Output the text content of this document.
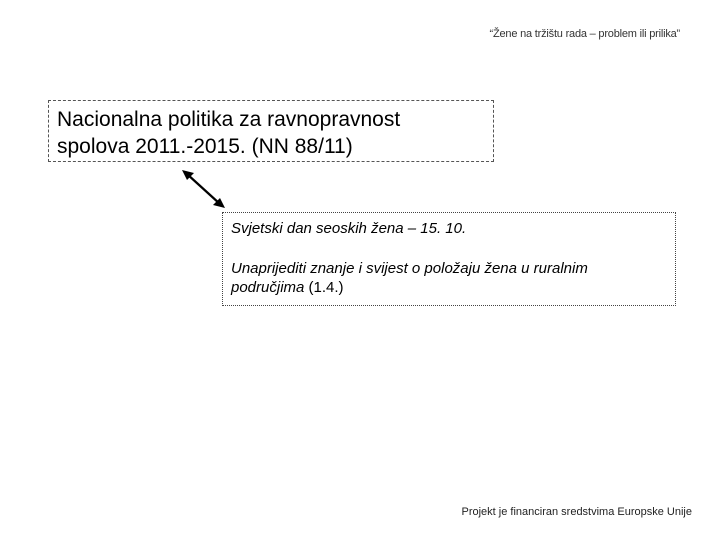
“Žene na tržištu rada – problem ili prilika”
Nacionalna politika za ravnopravnost
spolova 2011.-2015. (NN 88/11)

Svjetski dan seoskih žena – 15. 10.

Unaprijediti znanje i svijest o položaju žena u ruralnim
područjima (1.4.)

Projekt je financiran sredstvima Europske Unije
